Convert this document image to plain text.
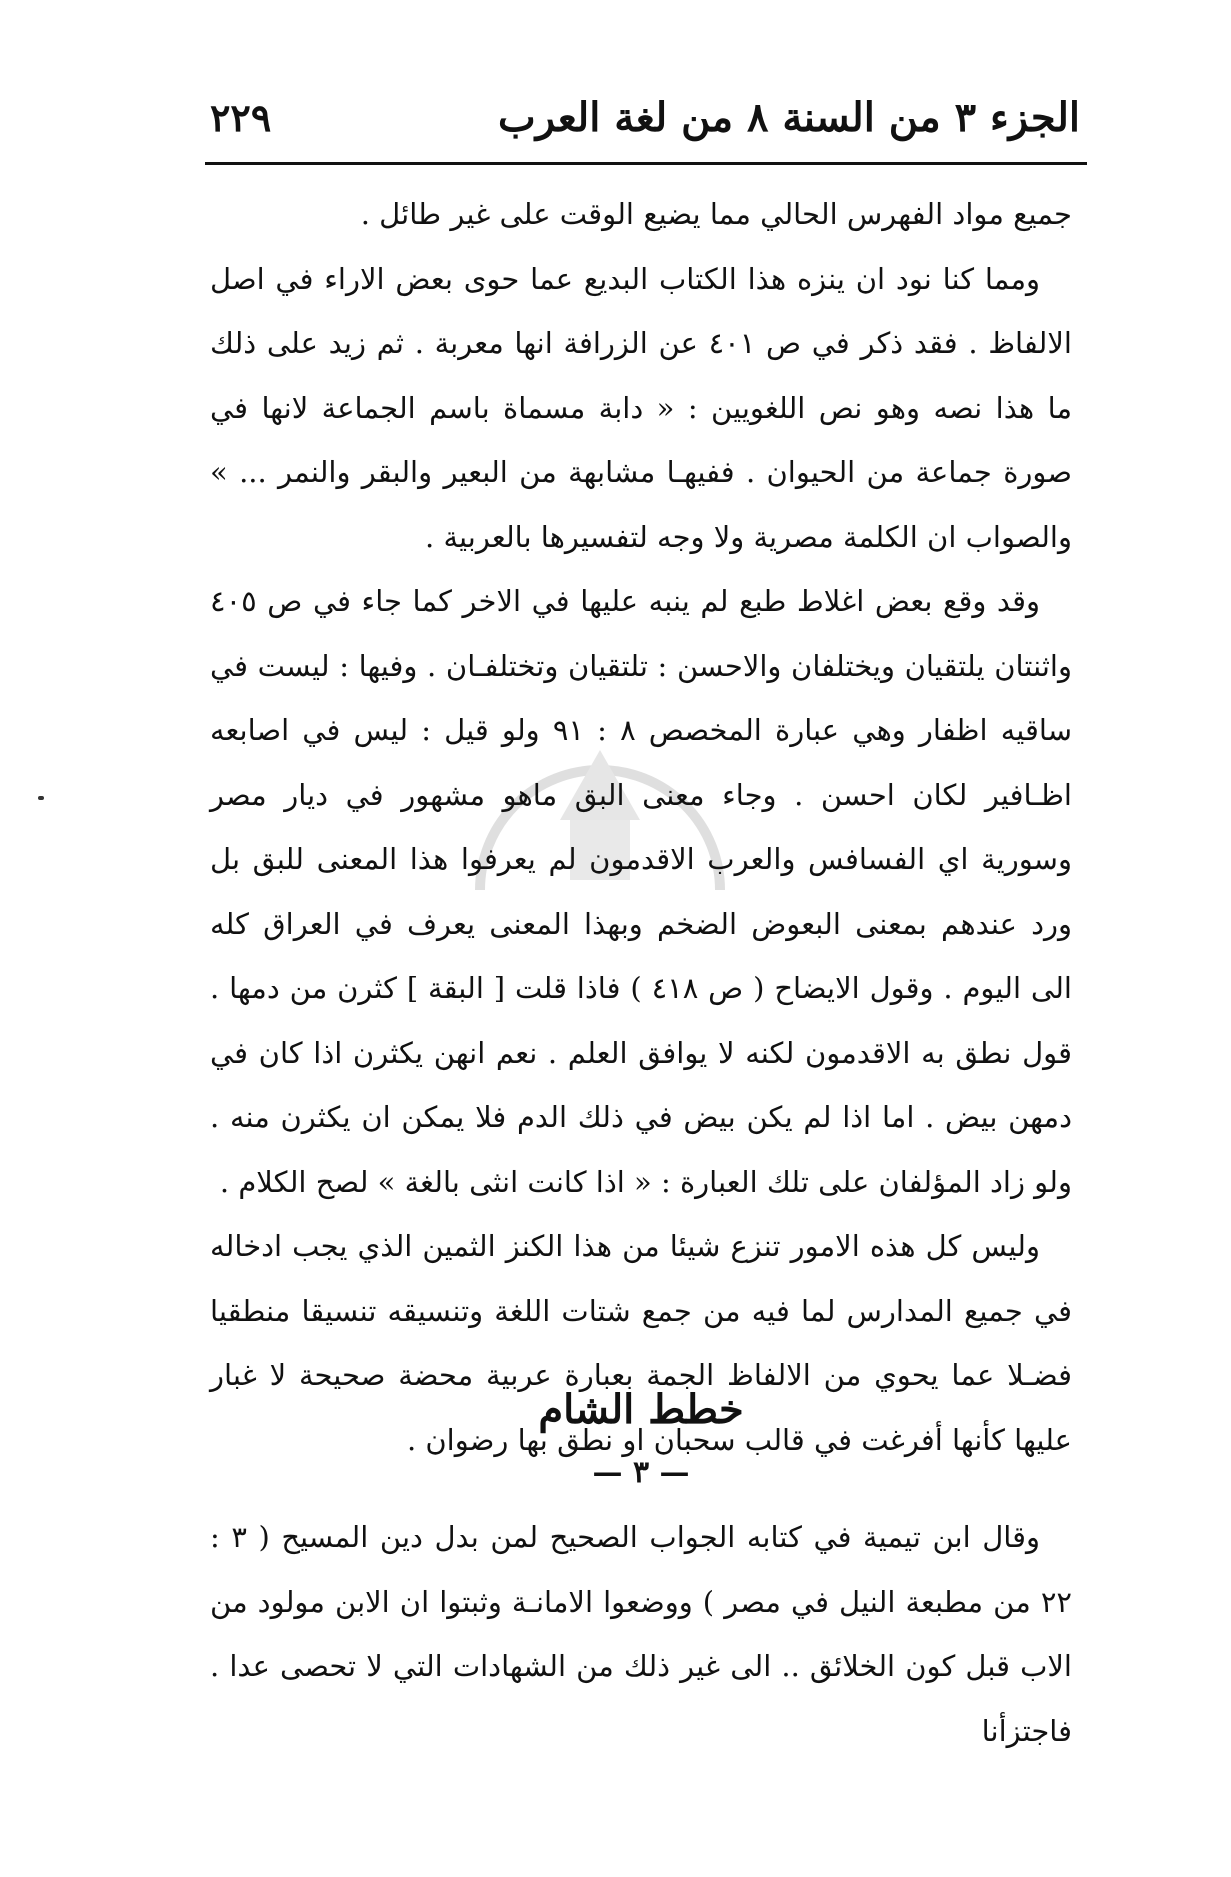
الجزء ٣ من السنة ٨ من لغة العرب
٢٢٩

جميع مواد الفهرس الحالي مما يضيع الوقت على غير طائل .

ومما كنا نود ان ينزه هذا الكتاب البديع عما حوى بعض الاراء في اصل الالفاظ . فقد ذكر في ص ٤٠١ عن الزرافة انها معربة . ثم زيد على ذلك ما هذا نصه وهو نص اللغويين : « دابة مسماة باسم الجماعة لانها في صورة جماعة من الحيوان . ففيهـا مشابهة من البعير والبقر والنمر ... » والصواب ان الكلمة مصرية ولا وجه لتفسيرها بالعربية .

وقد وقع بعض اغلاط طبع لم ينبه عليها في الاخر كما جاء في ص ٤٠٥ واثنتان يلتقيان ويختلفان والاحسن : تلتقيان وتختلفـان . وفيها : ليست في ساقيه اظفار وهي عبارة المخصص ٨ : ٩١ ولو قيل : ليس في اصابعه اظـافير لكان احسن . وجاء معنى البق ماهو مشهور في ديار مصر وسورية اي الفسافس والعرب الاقدمون لم يعرفوا هذا المعنى للبق بل ورد عندهم بمعنى البعوض الضخم وبهذا المعنى يعرف في العراق كله الى اليوم . وقول الايضاح ( ص ٤١٨ ) فاذا قلت [ البقة ] كثرن من دمها . قول نطق به الاقدمون لكنه لا يوافق العلم . نعم انهن يكثرن اذا كان في دمهن بيض . اما اذا لم يكن بيض في ذلك الدم فلا يمكن ان يكثرن منه . ولو زاد المؤلفان على تلك العبارة : « اذا كانت انثى بالغة » لصح الكلام .

وليس كل هذه الامور تنزع شيئا من هذا الكنز الثمين الذي يجب ادخاله في جميع المدارس لما فيه من جمع شتات اللغة وتنسيقه تنسيقا منطقيا فضـلا عما يحوي من الالفاظ الجمة بعبارة عربية محضة صحيحة لا غبار عليها كأنها أفرغت في قالب سحبان او نطق بها رضوان .

خطط الشام
— ٣ —

وقال ابن تيمية في كتابه الجواب الصحيح لمن بدل دين المسيح ( ٣ : ٢٢ من مطبعة النيل في مصر ) ووضعوا الامانـة وثبتوا ان الابن مولود من الاب قبل كون الخلائق .. الى غير ذلك من الشهادات التي لا تحصى عدا . فاجتزأنا
